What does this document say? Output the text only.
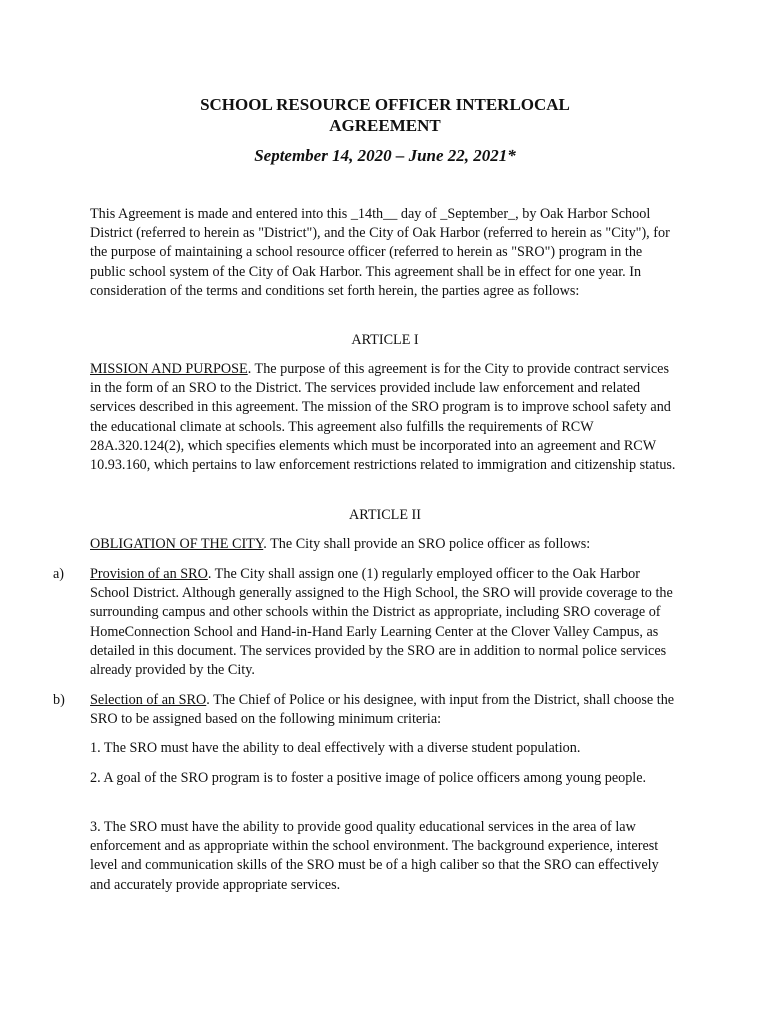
SCHOOL RESOURCE OFFICER INTERLOCAL
AGREEMENT
September 14, 2020 – June 22, 2021*

This Agreement is made and entered into this _14th__ day of _September_, by Oak Harbor School District (referred to herein as "District"), and the City of Oak Harbor (referred to herein as "City"), for the purpose of maintaining a school resource officer (referred to herein as "SRO") program in the public school system of the City of Oak Harbor. This agreement shall be in effect for one year. In consideration of the terms and conditions set forth herein, the parties agree as follows:

ARTICLE I

MISSION AND PURPOSE. The purpose of this agreement is for the City to provide contract services in the form of an SRO to the District. The services provided include law enforcement and related services described in this agreement. The mission of the SRO program is to improve school safety and the educational climate at schools. This agreement also fulfills the requirements of RCW 28A.320.124(2), which specifies elements which must be incorporated into an agreement and RCW 10.93.160, which pertains to law enforcement restrictions related to immigration and citizenship status.

ARTICLE II

OBLIGATION OF THE CITY. The City shall provide an SRO police officer as follows:

a) Provision of an SRO. The City shall assign one (1) regularly employed officer to the Oak Harbor School District. Although generally assigned to the High School, the SRO will provide coverage to the surrounding campus and other schools within the District as appropriate, including SRO coverage of HomeConnection School and Hand-in-Hand Early Learning Center at the Clover Valley Campus, as detailed in this document. The services provided by the SRO are in addition to normal police services already provided by the City.

b) Selection of an SRO. The Chief of Police or his designee, with input from the District, shall choose the SRO to be assigned based on the following minimum criteria:

1. The SRO must have the ability to deal effectively with a diverse student population.

2. A goal of the SRO program is to foster a positive image of police officers among young people.

3. The SRO must have the ability to provide good quality educational services in the area of law enforcement and as appropriate within the school environment. The background experience, interest level and communication skills of the SRO must be of a high caliber so that the SRO can effectively and accurately provide appropriate services.
